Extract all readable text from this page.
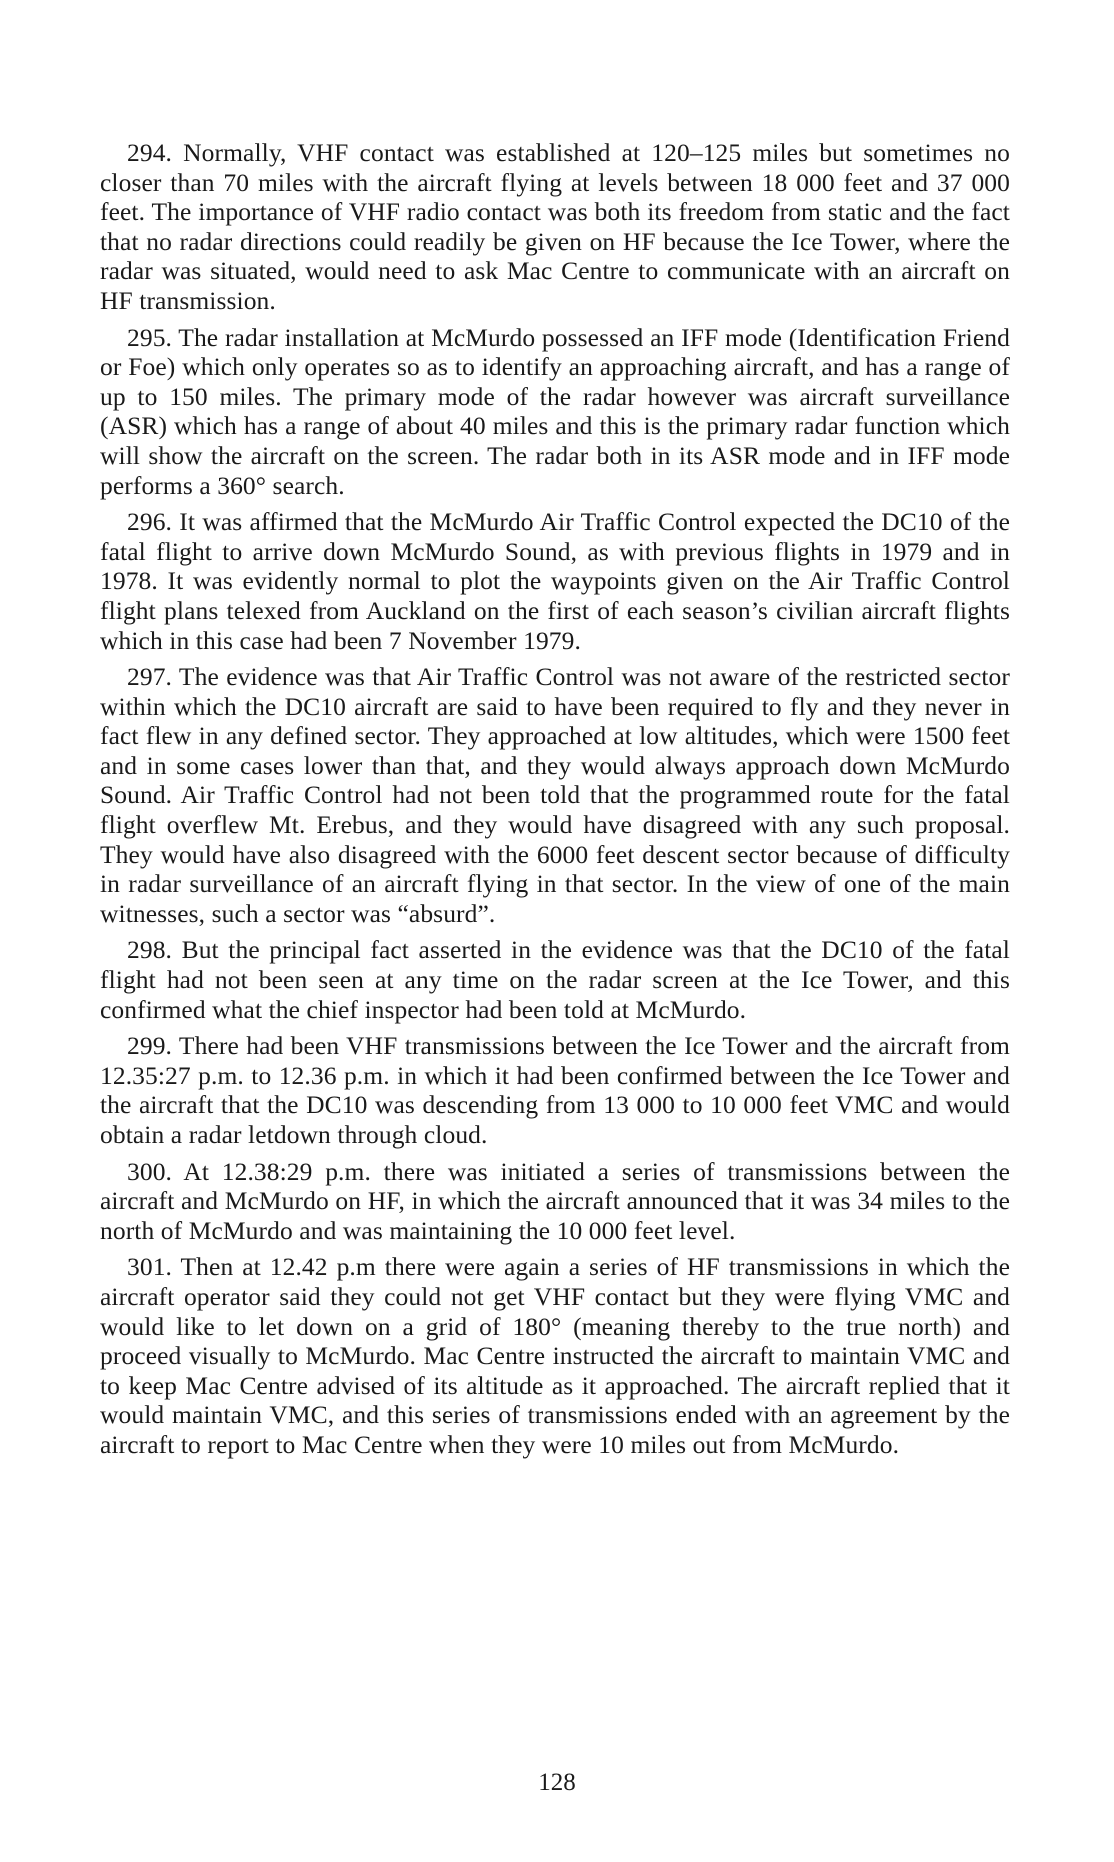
294. Normally, VHF contact was established at 120–125 miles but sometimes no closer than 70 miles with the aircraft flying at levels between 18 000 feet and 37 000 feet. The importance of VHF radio contact was both its freedom from static and the fact that no radar directions could readily be given on HF because the Ice Tower, where the radar was situated, would need to ask Mac Centre to communicate with an aircraft on HF transmission.

295. The radar installation at McMurdo possessed an IFF mode (Identification Friend or Foe) which only operates so as to identify an approaching aircraft, and has a range of up to 150 miles. The primary mode of the radar however was aircraft surveillance (ASR) which has a range of about 40 miles and this is the primary radar function which will show the aircraft on the screen. The radar both in its ASR mode and in IFF mode performs a 360° search.

296. It was affirmed that the McMurdo Air Traffic Control expected the DC10 of the fatal flight to arrive down McMurdo Sound, as with previous flights in 1979 and in 1978. It was evidently normal to plot the waypoints given on the Air Traffic Control flight plans telexed from Auckland on the first of each season’s civilian aircraft flights which in this case had been 7 November 1979.

297. The evidence was that Air Traffic Control was not aware of the restricted sector within which the DC10 aircraft are said to have been required to fly and they never in fact flew in any defined sector. They approached at low altitudes, which were 1500 feet and in some cases lower than that, and they would always approach down McMurdo Sound. Air Traffic Control had not been told that the programmed route for the fatal flight overflew Mt. Erebus, and they would have disagreed with any such proposal. They would have also disagreed with the 6000 feet descent sector because of difficulty in radar surveillance of an aircraft flying in that sector. In the view of one of the main witnesses, such a sector was “absurd”.

298. But the principal fact asserted in the evidence was that the DC10 of the fatal flight had not been seen at any time on the radar screen at the Ice Tower, and this confirmed what the chief inspector had been told at McMurdo.

299. There had been VHF transmissions between the Ice Tower and the aircraft from 12.35:27 p.m. to 12.36 p.m. in which it had been confirmed between the Ice Tower and the aircraft that the DC10 was descending from 13 000 to 10 000 feet VMC and would obtain a radar letdown through cloud.

300. At 12.38:29 p.m. there was initiated a series of transmissions between the aircraft and McMurdo on HF, in which the aircraft announced that it was 34 miles to the north of McMurdo and was maintaining the 10 000 feet level.

301. Then at 12.42 p.m there were again a series of HF transmissions in which the aircraft operator said they could not get VHF contact but they were flying VMC and would like to let down on a grid of 180° (meaning thereby to the true north) and proceed visually to McMurdo. Mac Centre instructed the aircraft to maintain VMC and to keep Mac Centre advised of its altitude as it approached. The aircraft replied that it would maintain VMC, and this series of transmissions ended with an agreement by the aircraft to report to Mac Centre when they were 10 miles out from McMurdo.

128
